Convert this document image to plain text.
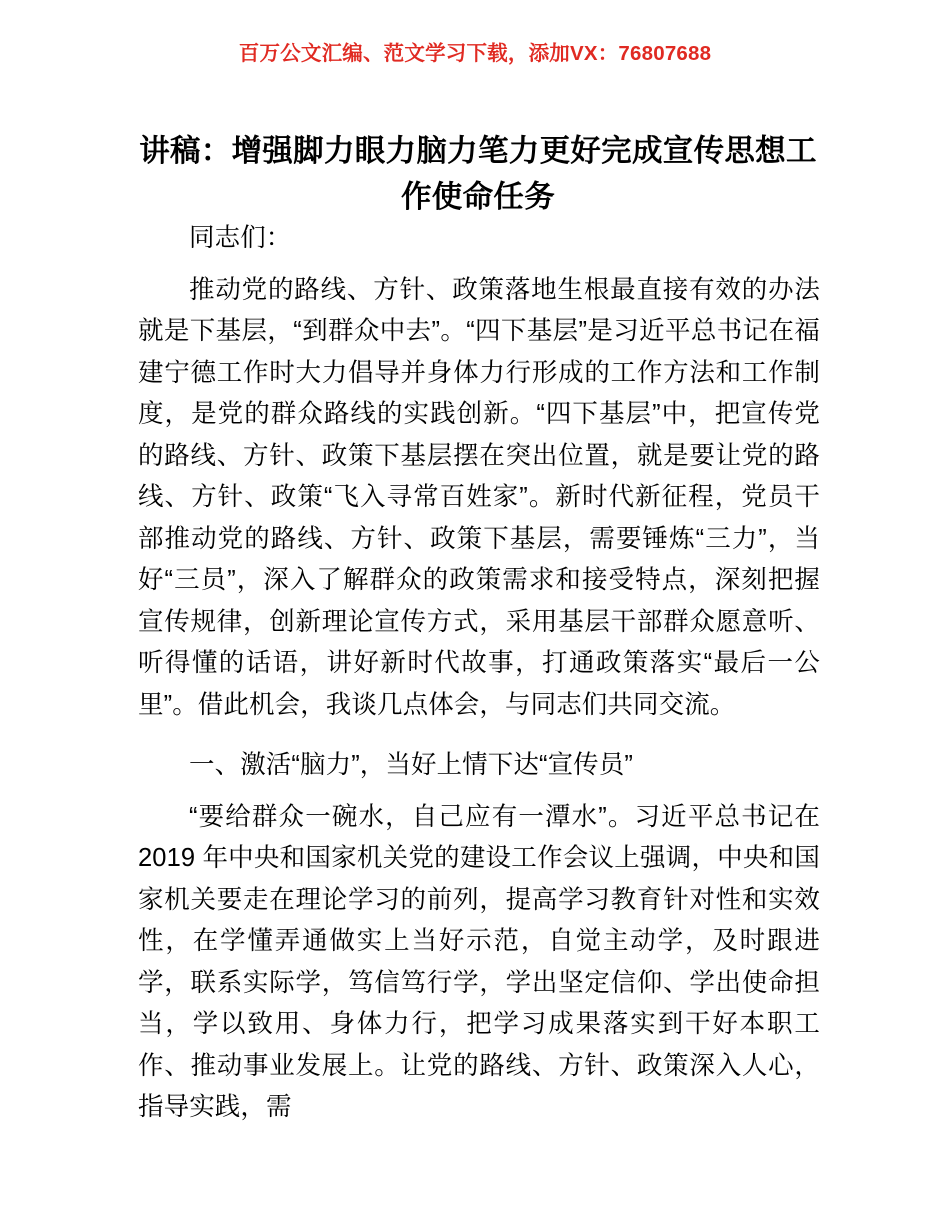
百万公文汇编、范文学习下载，添加VX：76807688
讲稿：增强脚力眼力脑力笔力更好完成宣传思想工作使命任务

同志们：

推动党的路线、方针、政策落地生根最直接有效的办法就是下基层，“到群众中去”。“四下基层”是习近平总书记在福建宁德工作时大力倡导并身体力行形成的工作方法和工作制度，是党的群众路线的实践创新。“四下基层”中，把宣传党的路线、方针、政策下基层摆在突出位置，就是要让党的路线、方针、政策“飞入寻常百姓家”。新时代新征程，党员干部推动党的路线、方针、政策下基层，需要锤炼“三力”，当好“三员”，深入了解群众的政策需求和接受特点，深刻把握宣传规律，创新理论宣传方式，采用基层干部群众愿意听、听得懂的话语，讲好新时代故事，打通政策落实“最后一公里”。借此机会，我谈几点体会，与同志们共同交流。

一、激活“脑力”，当好上情下达“宣传员”

“要给群众一碗水，自己应有一潭水”。习近平总书记在 2019 年中央和国家机关党的建设工作会议上强调，中央和国家机关要走在理论学习的前列，提高学习教育针对性和实效性，在学懂弄通做实上当好示范，自觉主动学，及时跟进学，联系实际学，笃信笃行学，学出坚定信仰、学出使命担当，学以致用、身体力行，把学习成果落实到干好本职工作、推动事业发展上。让党的路线、方针、政策深入人心，指导实践，需
